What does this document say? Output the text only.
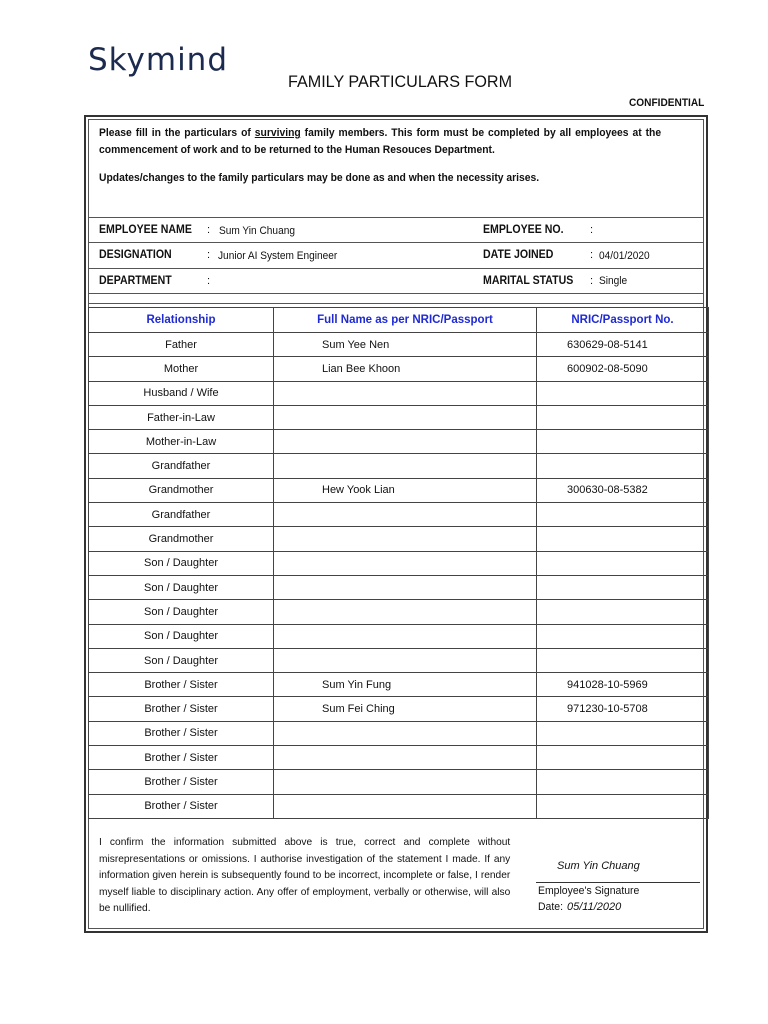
Skymind
FAMILY PARTICULARS FORM
CONFIDENTIAL
Please fill in the particulars of surviving family members. This form must be completed by all employees at the commencement of work and to be returned to the Human Resouces Department.
Updates/changes to the family particulars may be done as and when the necessity arises.
EMPLOYEE NAME : Sum Yin Chuang
DESIGNATION	: Junior AI System Engineer
DEPARTMENT	:
EMPLOYEE NO. :
DATE JOINED	: 04/01/2020
MARITAL STATUS : Single
Relationship	Full Name as per NRIC/Passport	NRIC/Passport No.
Father	Sum Yee Nen	630629-08-5141
Mother	Lian Bee Khoon	600902-08-5090
Husband / Wife		
Father-in-Law		
Mother-in-Law		
Grandfather		
Grandmother	Hew Yook Lian	300630-08-5382
Grandfather		
Grandmother		
Son / Daughter		
Son / Daughter		
Son / Daughter		
Son / Daughter		
Son / Daughter		
Brother / Sister	Sum Yin Fung	941028-10-5969
Brother / Sister	Sum Fei Ching	971230-10-5708
Brother / Sister		
Brother / Sister		
Brother / Sister		
Brother / Sister		
I confirm the information submitted above is true, correct and complete without misrepresentations or omissions. I authorise investigation of the statement I made. If any information given herein is subsequently found to be incorrect, incomplete or false, I render myself liable to disciplinary action. Any offer of employment, verbally or otherwise, will also be nullified.
Sum Yin Chuang
Employee's Signature
Date: 05/11/2020
